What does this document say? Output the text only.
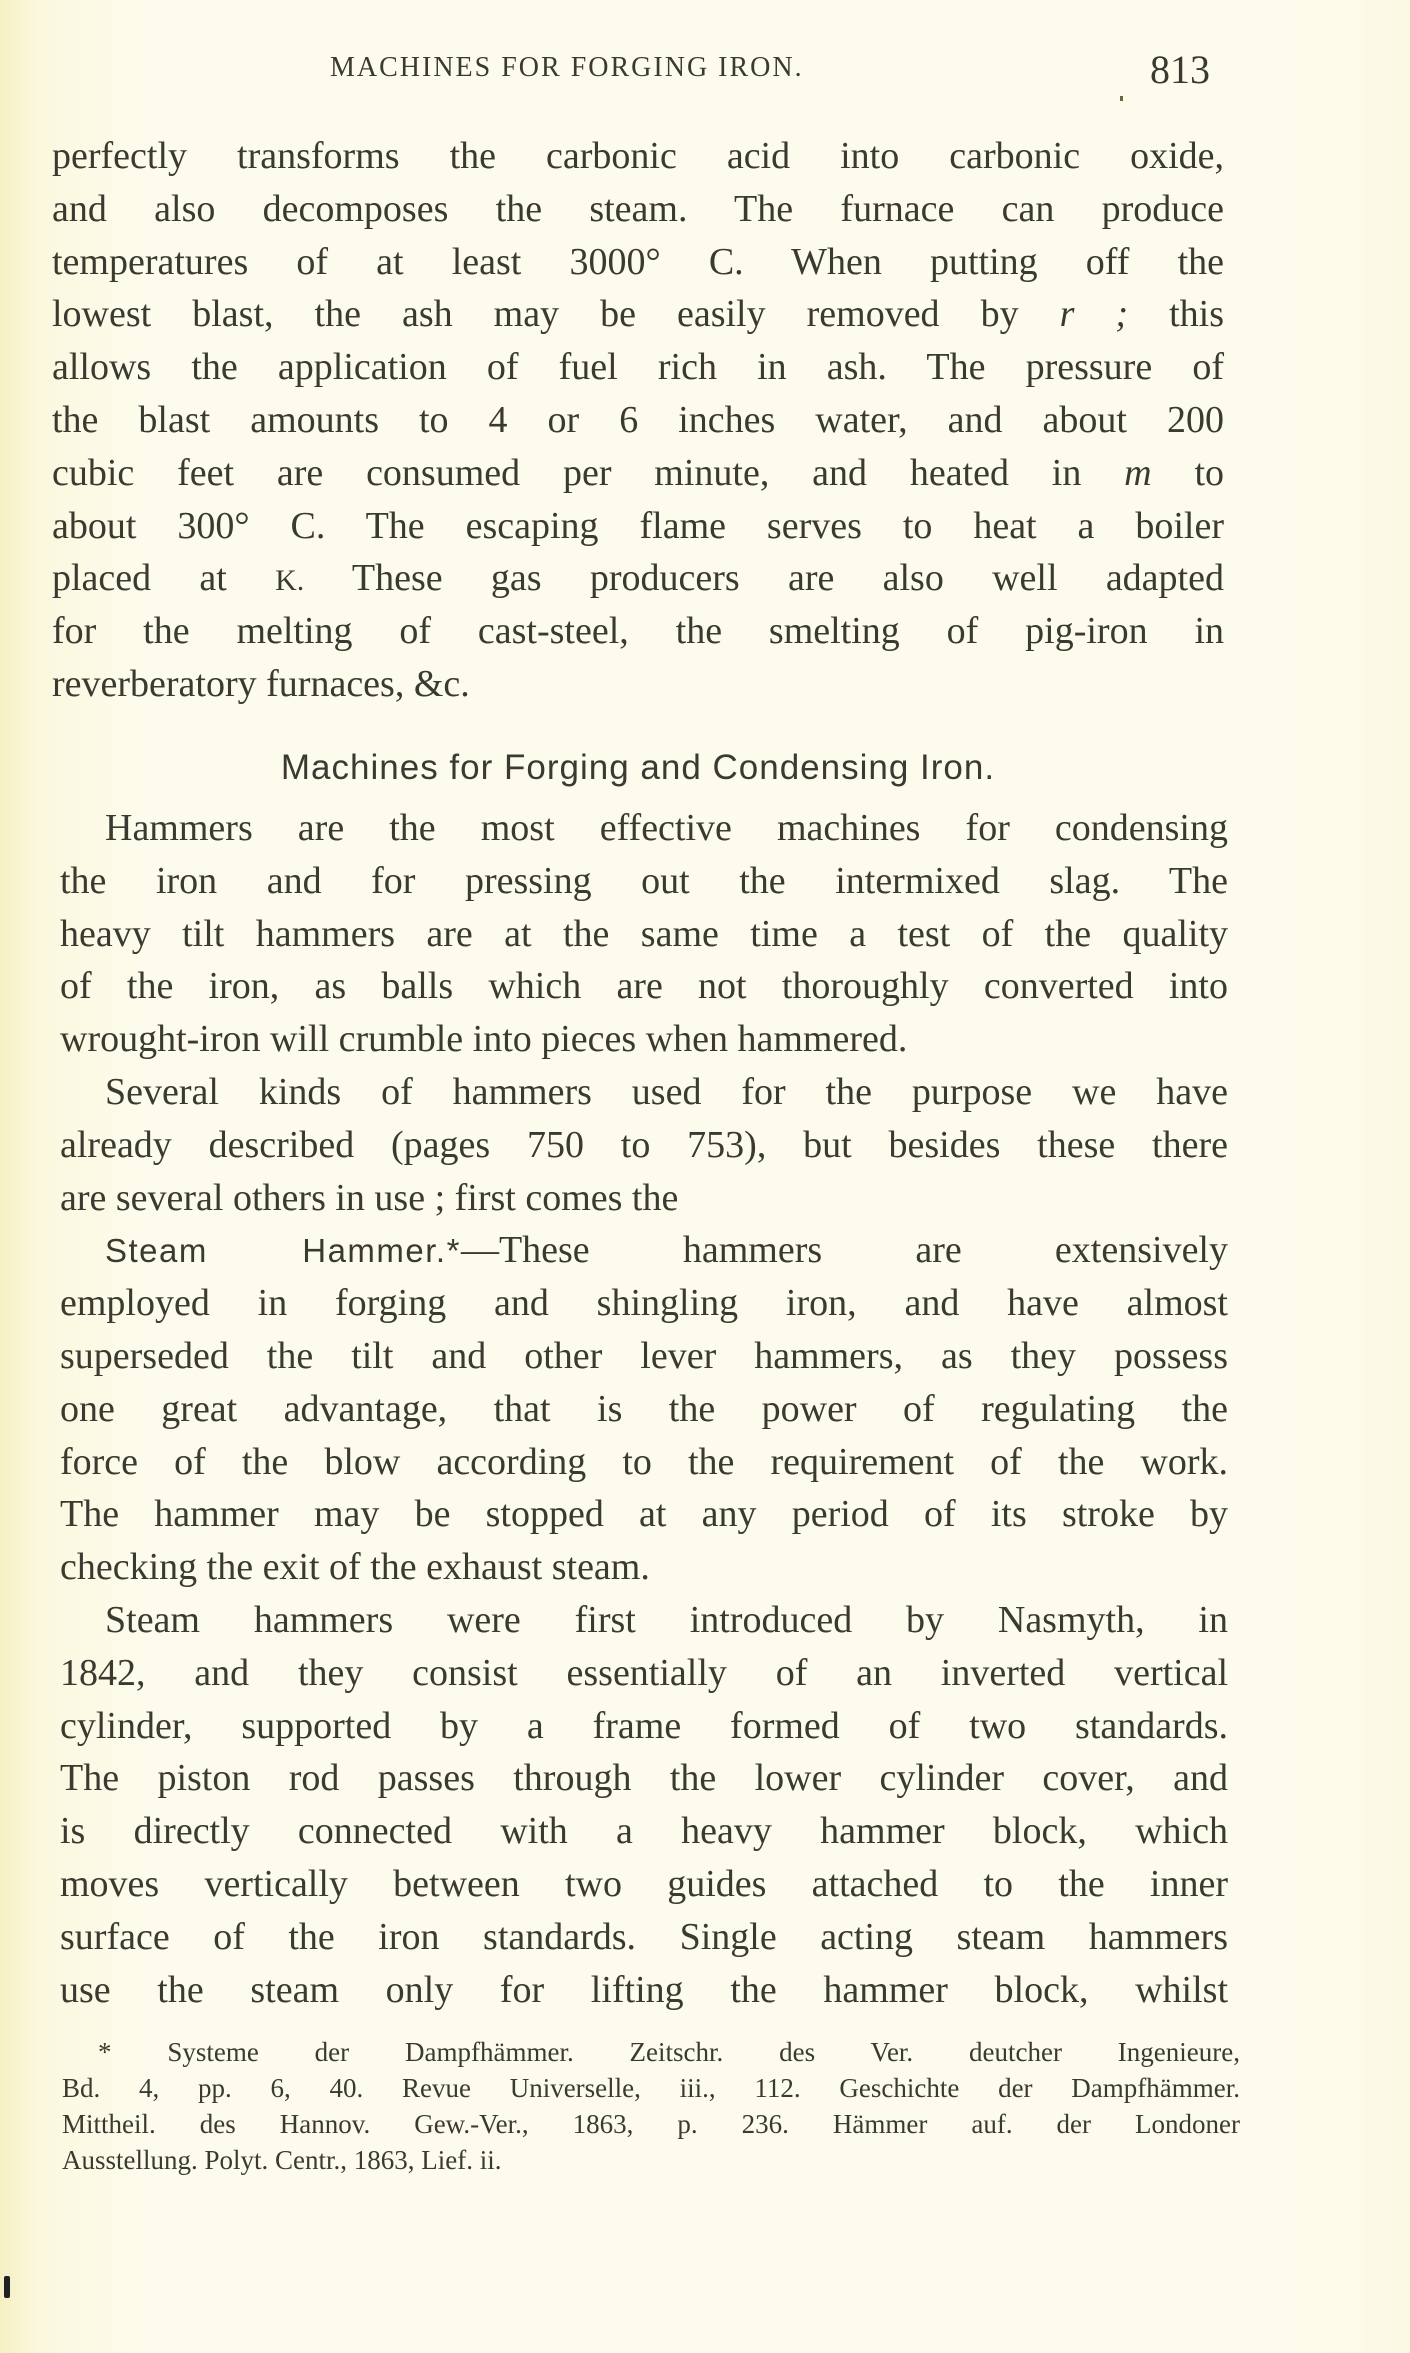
MACHINES FOR FORGING IRON.	813
perfectly transforms the carbonic acid into carbonic oxide,
and also decomposes the steam. The furnace can produce
temperatures of at least 3000° C. When putting off the
lowest blast, the ash may be easily removed by r ; this
allows the application of fuel rich in ash. The pressure of
the blast amounts to 4 or 6 inches water, and about 200
cubic feet are consumed per minute, and heated in m to
about 300° C. The escaping flame serves to heat a boiler
placed at K. These gas producers are also well adapted
for the melting of cast-steel, the smelting of pig-iron in
reverberatory furnaces, &c.
Machines for Forging and Condensing Iron.
Hammers are the most effective machines for condensing
the iron and for pressing out the intermixed slag. The
heavy tilt hammers are at the same time a test of the quality
of the iron, as balls which are not thoroughly converted into
wrought-iron will crumble into pieces when hammered.
Several kinds of hammers used for the purpose we have
already described (pages 750 to 753), but besides these there
are several others in use ; first comes the
Steam Hammer.*—These hammers are extensively
employed in forging and shingling iron, and have almost
superseded the tilt and other lever hammers, as they possess
one great advantage, that is the power of regulating the
force of the blow according to the requirement of the work.
The hammer may be stopped at any period of its stroke by
checking the exit of the exhaust steam.
Steam hammers were first introduced by Nasmyth, in
1842, and they consist essentially of an inverted vertical
cylinder, supported by a frame formed of two standards.
The piston rod passes through the lower cylinder cover, and
is directly connected with a heavy hammer block, which
moves vertically between two guides attached to the inner
surface of the iron standards. Single acting steam hammers
use the steam only for lifting the hammer block, whilst
* Systeme der Dampfhämmer. Zeitschr. des Ver. deutcher Ingenieure,
Bd. 4, pp. 6, 40. Revue Universelle, iii., 112. Geschichte der Dampfhämmer.
Mittheil. des Hannov. Gew.-Ver., 1863, p. 236. Hämmer auf. der Londoner
Ausstellung. Polyt. Centr., 1863, Lief. ii.
